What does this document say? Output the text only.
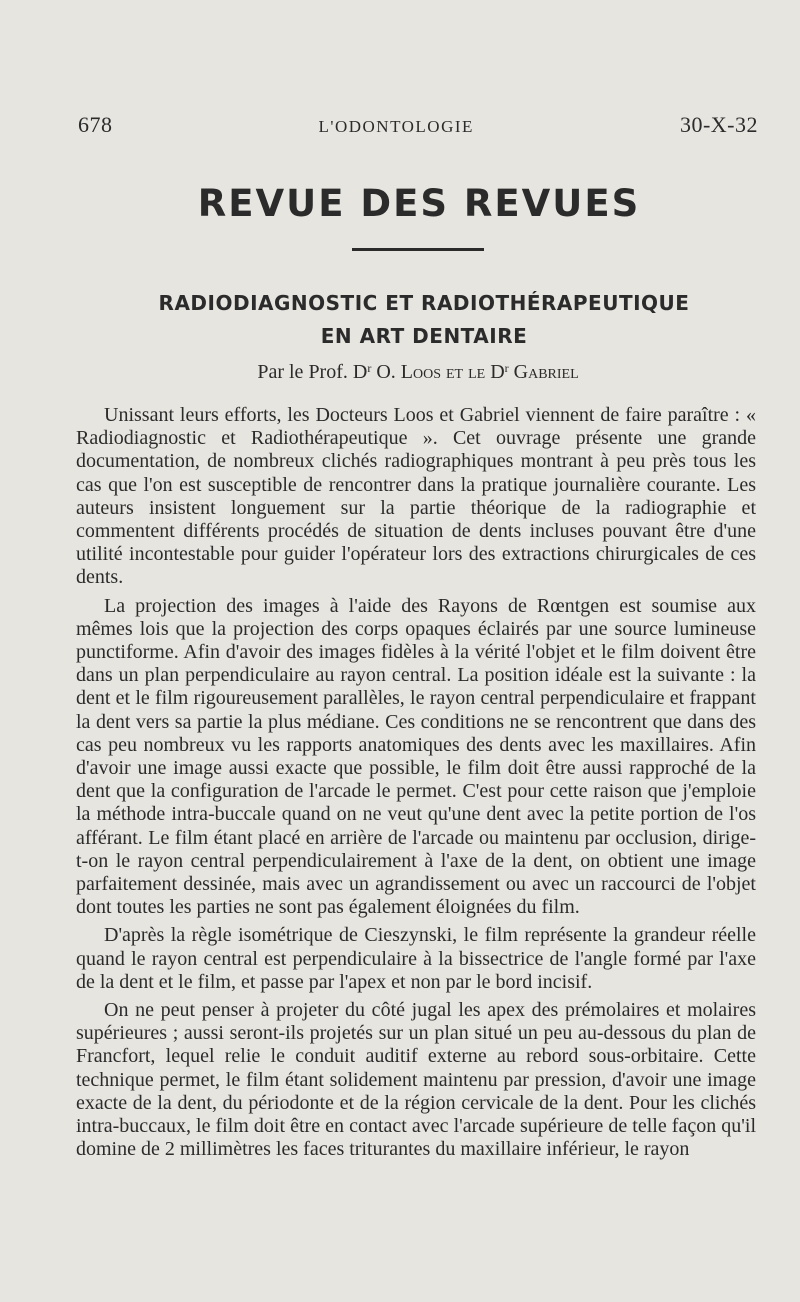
678	L'ODONTOLOGIE	30-X-32
REVUE DES REVUES
RADIODIAGNOSTIC ET RADIOTHÉRAPEUTIQUE
EN ART DENTAIRE
Par le Prof. $D^r$ O. Loos et le $D^r$ Gabriel

Unissant leurs efforts, les Docteurs Loos et Gabriel viennent de faire paraître : « Radiodiagnostic et Radiothérapeutique ». Cet ouvrage présente une grande documentation, de nombreux clichés radiographiques montrant à peu près tous les cas que l'on est susceptible de rencontrer dans la pratique journalière courante. Les auteurs insistent longuement sur la partie théorique de la radiographie et commentent différents procédés de situation de dents incluses pouvant être d'une utilité incontestable pour guider l'opérateur lors des extractions chirurgicales de ces dents.

La projection des images à l'aide des Rayons de Rœntgen est soumise aux mêmes lois que la projection des corps opaques éclairés par une source lumineuse punctiforme. Afin d'avoir des images fidèles à la vérité l'objet et le film doivent être dans un plan perpendiculaire au rayon central. La position idéale est la suivante : la dent et le film rigoureusement parallèles, le rayon central perpendiculaire et frappant la dent vers sa partie la plus médiane. Ces conditions ne se rencontrent que dans des cas peu nombreux vu les rapports anatomiques des dents avec les maxillaires. Afin d'avoir une image aussi exacte que possible, le film doit être aussi rapproché de la dent que la configuration de l'arcade le permet. C'est pour cette raison que j'emploie la méthode intra-buccale quand on ne veut qu'une dent avec la petite portion de l'os afférant. Le film étant placé en arrière de l'arcade ou maintenu par occlusion, dirige-t-on le rayon central perpendiculairement à l'axe de la dent, on obtient une image parfaitement dessinée, mais avec un agrandissement ou avec un raccourci de l'objet dont toutes les parties ne sont pas également éloignées du film.

D'après la règle isométrique de Cieszynski, le film représente la grandeur réelle quand le rayon central est perpendiculaire à la bissectrice de l'angle formé par l'axe de la dent et le film, et passe par l'apex et non par le bord incisif.

On ne peut penser à projeter du côté jugal les apex des prémolaires et molaires supérieures ; aussi seront-ils projetés sur un plan situé un peu au-dessous du plan de Francfort, lequel relie le conduit auditif externe au rebord sous-orbitaire. Cette technique permet, le film étant solidement maintenu par pression, d'avoir une image exacte de la dent, du périodonte et de la région cervicale de la dent. Pour les clichés intra-buccaux, le film doit être en contact avec l'arcade supérieure de telle façon qu'il domine de 2 millimètres les faces triturantes du maxillaire inférieur, le rayon
